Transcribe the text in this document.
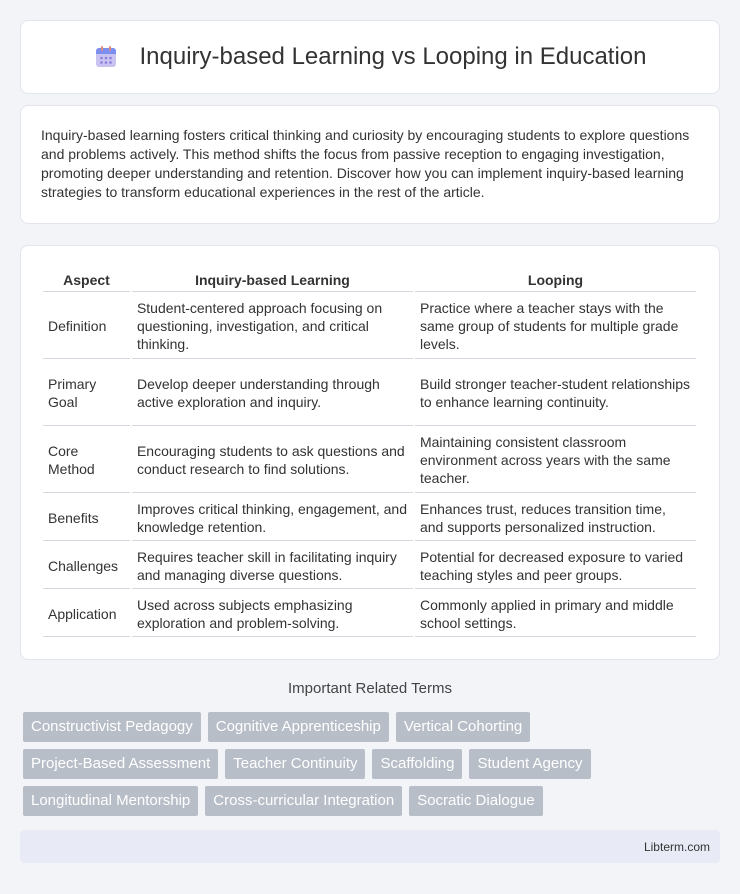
Inquiry-based Learning vs Looping in Education

Inquiry-based learning fosters critical thinking and curiosity by encouraging students to explore questions and problems actively. This method shifts the focus from passive reception to engaging investigation, promoting deeper understanding and retention. Discover how you can implement inquiry-based learning strategies to transform educational experiences in the rest of the article.

Aspect	Inquiry-based Learning	Looping
Definition	Student-centered approach focusing on questioning, investigation, and critical thinking.	Practice where a teacher stays with the same group of students for multiple grade levels.
Primary Goal	Develop deeper understanding through active exploration and inquiry.	Build stronger teacher-student relationships to enhance learning continuity.
Core Method	Encouraging students to ask questions and conduct research to find solutions.	Maintaining consistent classroom environment across years with the same teacher.
Benefits	Improves critical thinking, engagement, and knowledge retention.	Enhances trust, reduces transition time, and supports personalized instruction.
Challenges	Requires teacher skill in facilitating inquiry and managing diverse questions.	Potential for decreased exposure to varied teaching styles and peer groups.
Application	Used across subjects emphasizing exploration and problem-solving.	Commonly applied in primary and middle school settings.
Important Related Terms
Constructivist Pedagogy	Cognitive Apprenticeship	Vertical Cohorting
Project-Based Assessment	Teacher Continuity	Scaffolding	Student Agency
Longitudinal Mentorship	Cross-curricular Integration	Socratic Dialogue
Libterm.com
